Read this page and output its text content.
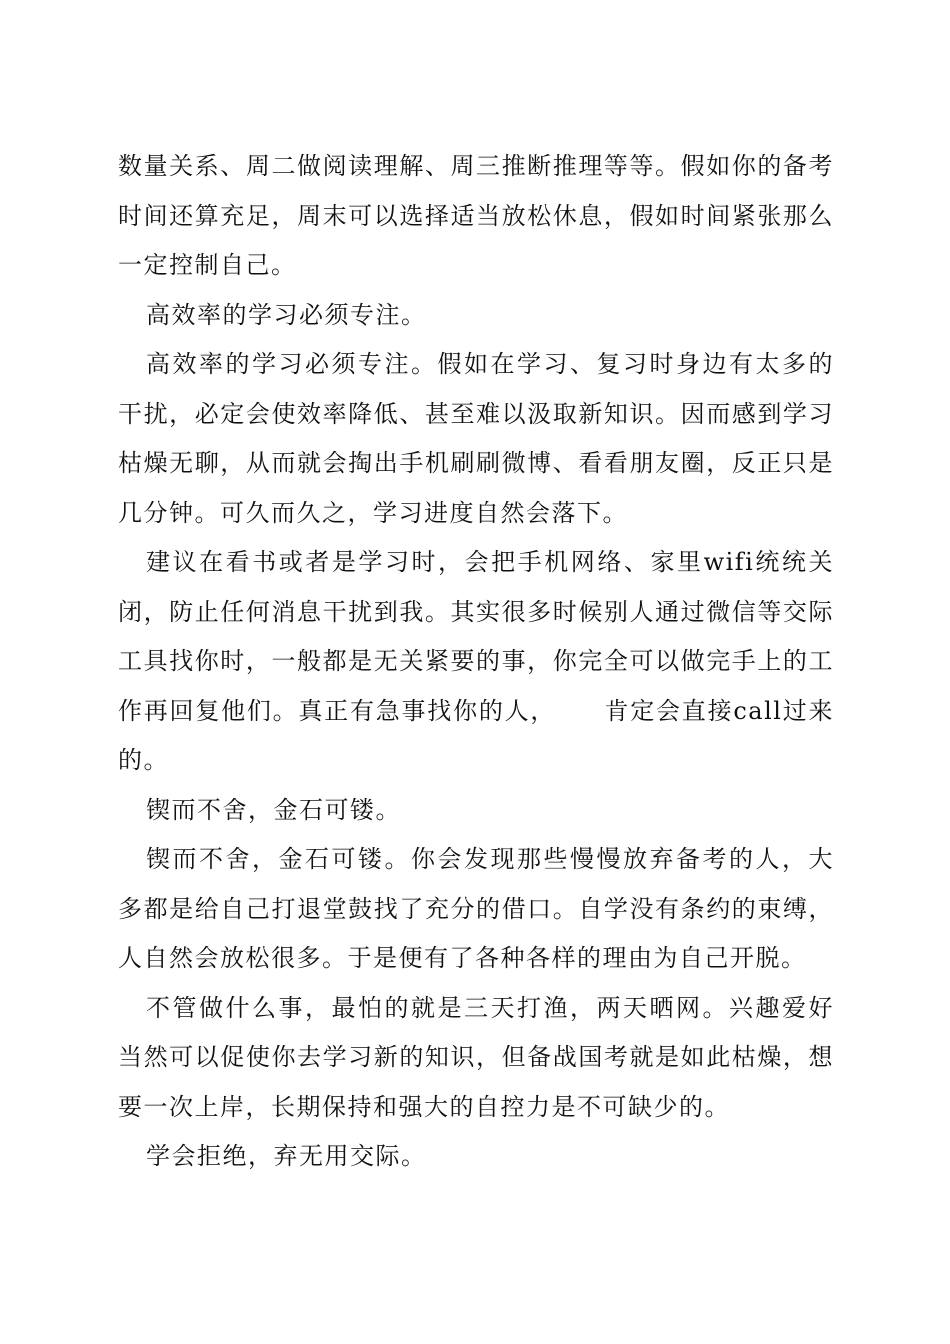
数量关系、周二做阅读理解、周三推断推理等等。假如你的备考时间还算充足，周末可以选择适当放松休息，假如时间紧张那么一定控制自己。

高效率的学习必须专注。

高效率的学习必须专注。假如在学习、复习时身边有太多的干扰，必定会使效率降低、甚至难以汲取新知识。因而感到学习枯燥无聊，从而就会掏出手机刷刷微博、看看朋友圈，反正只是几分钟。可久而久之，学习进度自然会落下。

建议在看书或者是学习时，会把手机网络、家里wifi统统关闭，防止任何消息干扰到我。其实很多时候别人通过微信等交际工具找你时，一般都是无关紧要的事，你完全可以做完手上的工作再回复他们。真正有急事找你的人， 肯定会直接call过来的。

锲而不舍，金石可镂。

锲而不舍，金石可镂。你会发现那些慢慢放弃备考的人，大多都是给自己打退堂鼓找了充分的借口。自学没有条约的束缚，人自然会放松很多。于是便有了各种各样的理由为自己开脱。

不管做什么事，最怕的就是三天打渔，两天晒网。兴趣爱好当然可以促使你去学习新的知识，但备战国考就是如此枯燥，想要一次上岸，长期保持和强大的自控力是不可缺少的。

学会拒绝，弃无用交际。
